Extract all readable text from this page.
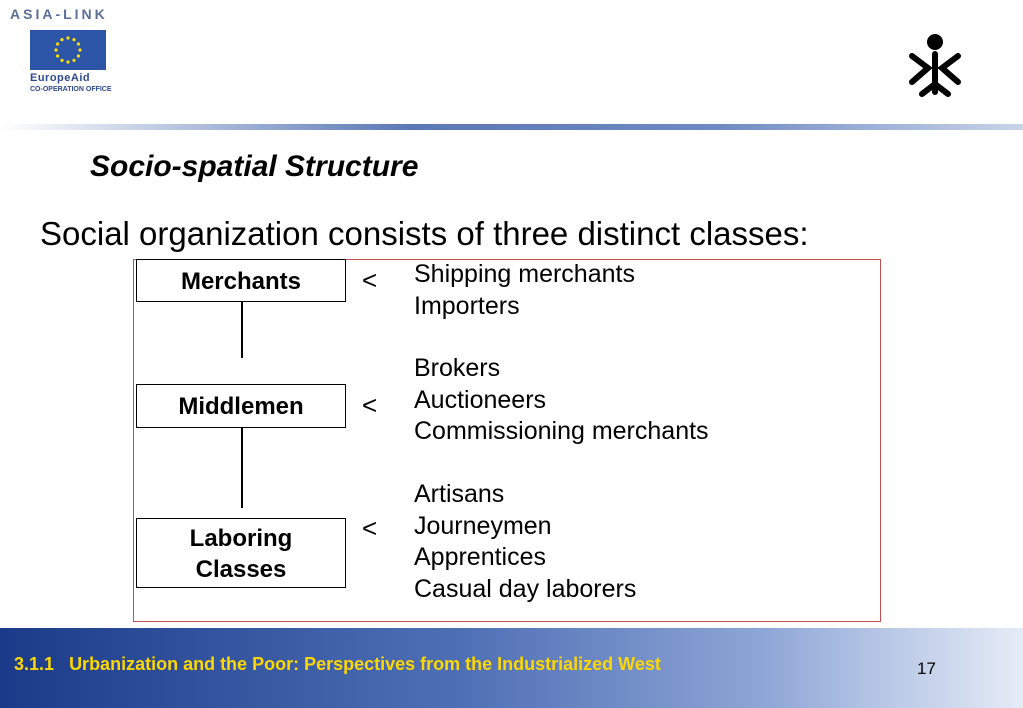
ASIA-LINK
EuropeAid
CO-OPERATION OFFICE
Socio-spatial Structure
Social organization consists of three distinct classes:
Merchants
Middlemen
Laboring
Classes
<
<
<
Shipping merchants
Importers
Brokers
Auctioneers
Commissioning merchants
Artisans
Journeymen
Apprentices
Casual day laborers
3.1.1 Urbanization and the Poor: Perspectives from the Industrialized West	17
